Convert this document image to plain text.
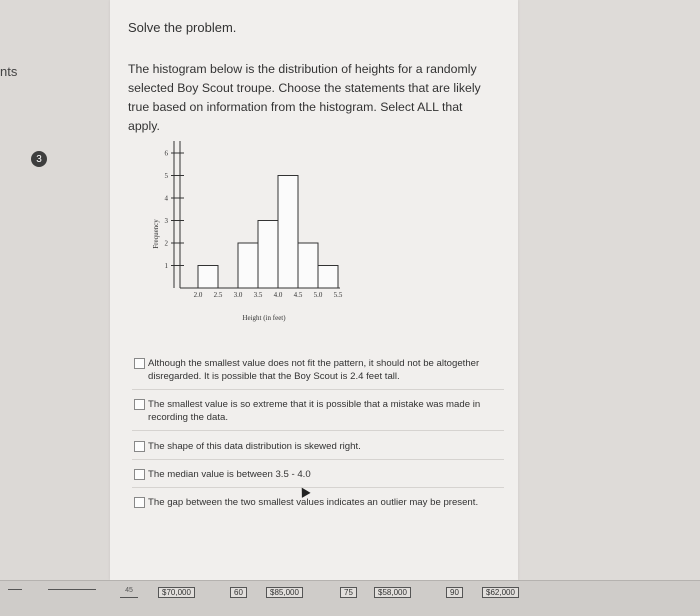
nts
3
Solve the problem.
The histogram below is the distribution of heights for a randomly selected Boy Scout troupe. Choose the statements that are likely true based on information from the histogram. Select ALL that apply.
Frequency
Height (in feet)
1
2
3
4
5
6
2.0 2.5 3.0 3.5 4.0 4.5 5.0 5.5
Although the smallest value does not fit the pattern, it should not be altogether disregarded. It is possible that the Boy Scout is 2.4 feet tall.
The smallest value is so extreme that it is possible that a mistake was made in recording the data.
The shape of this data distribution is skewed right.
The median value is between 3.5 - 4.0
The gap between the two smallest values indicates an outlier may be present.
45	$70,000	60	$85,000	75	$58,000	90	$62,000
